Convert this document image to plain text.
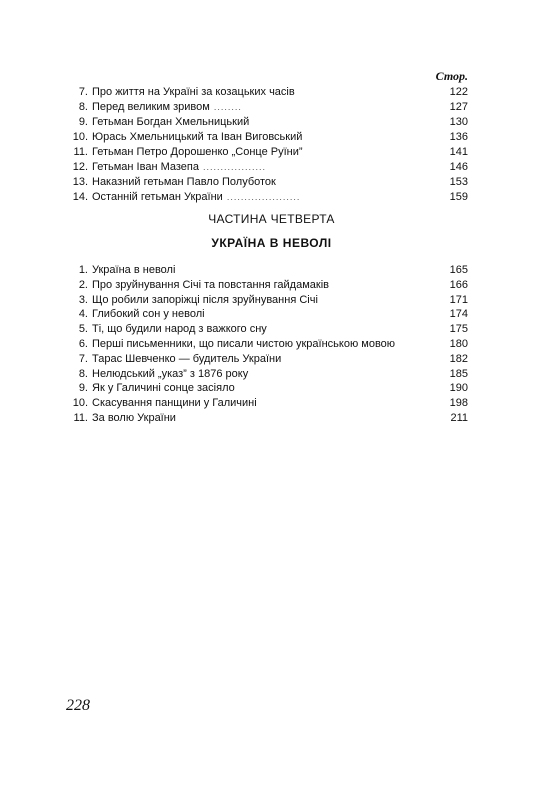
Стор.
7. Про життя на Україні за козацьких часів	122
8. Перед великим зривом ........	127
9. Гетьман Богдан Хмельницький	130
10. Юрась Хмельницький та Іван Виговський	136
11. Гетьман Петро Дорошенко „Сонце Руїни”	141
12. Гетьман Іван Мазепа ..................	146
13. Наказний гетьман Павло Полуботок	153
14. Останній гетьман України .....................	159
ЧАСТИНА ЧЕТВЕРТА
УКРАЇНА В НЕВОЛІ
1. Україна в неволі	165
2. Про зруйнування Січі та повстання гайдамаків	166
3. Що робили запоріжці після зруйнування Січі	171
4. Глибокий сон у неволі	174
5. Ті, що будили народ з важкого сну	175
6. Перші письменники, що писали чистою українською мовою	180
7. Тарас Шевченко — будитель України	182
8. Нелюдський „указ” з 1876 року	185
9. Як у Галичині сонце засіяло	190
10. Скасування панщини у Галичині	198
11. За волю України	211
228
